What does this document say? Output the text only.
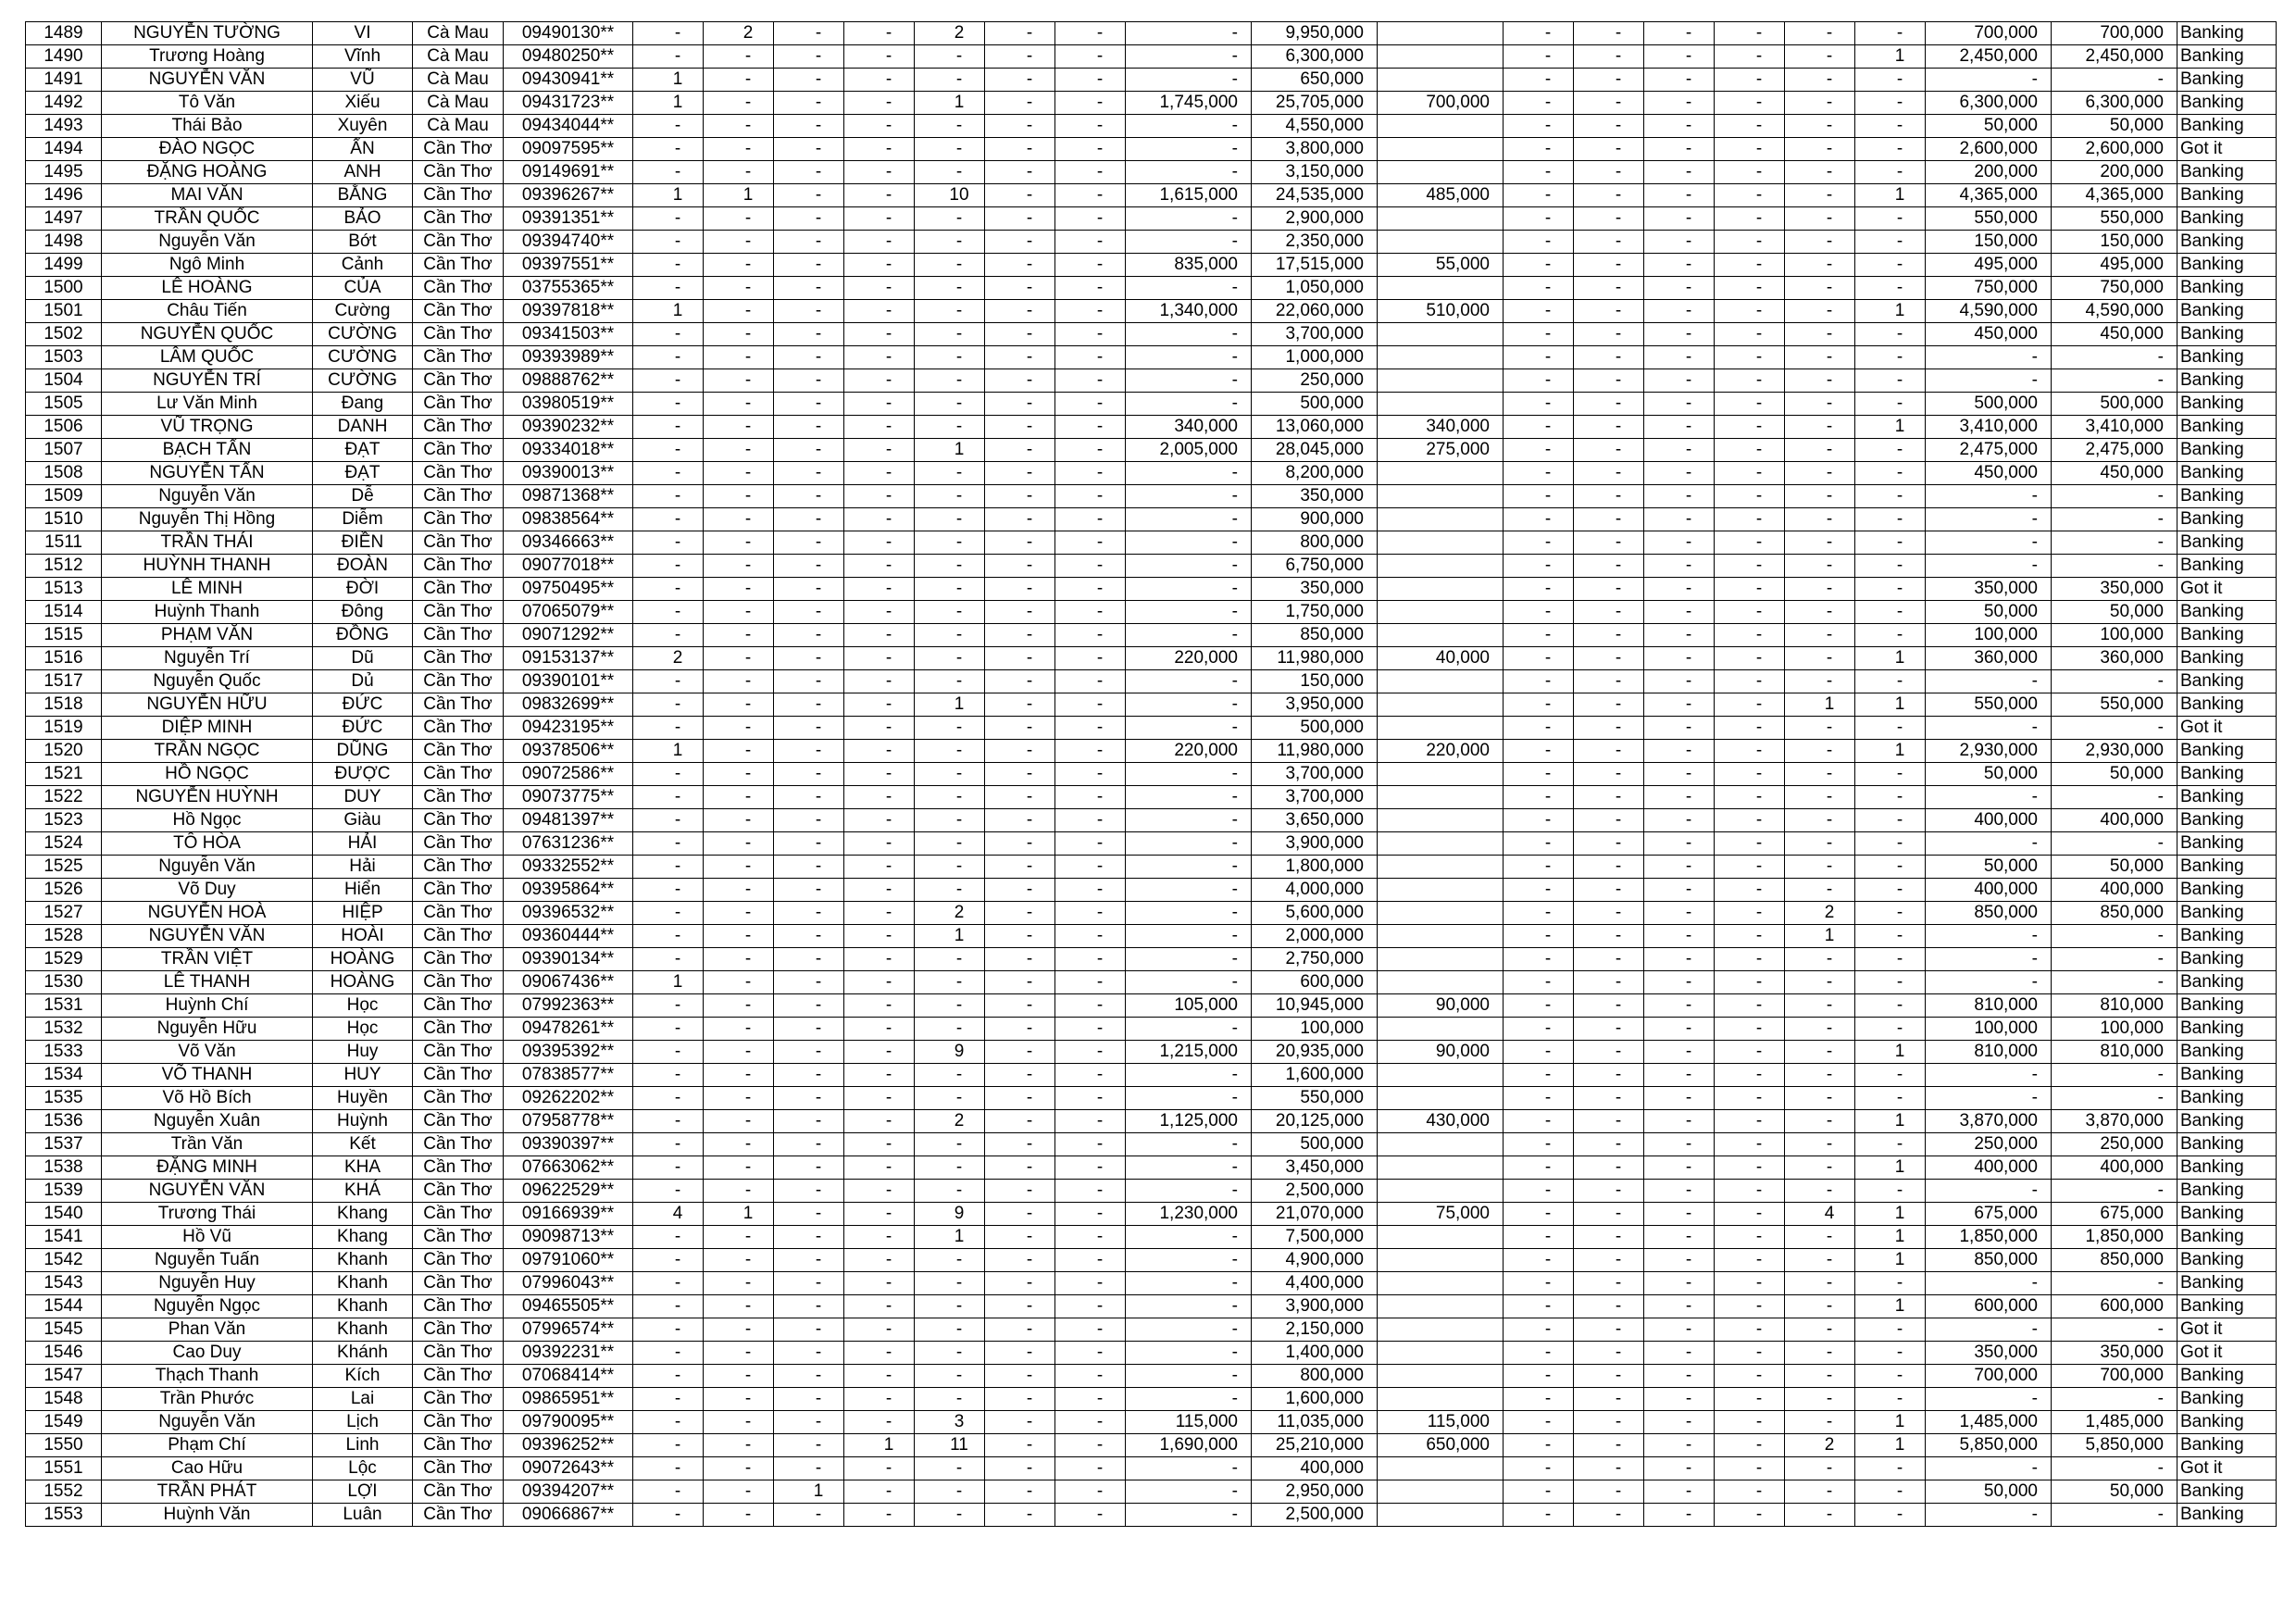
1489	NGUYỄN TƯỜNG	VI	Cà Mau	09490130**	-	2	-	-	2	-	-	-	9,950,000		-	-	-	-	-	-	700,000	700,000	Banking
1490	Trương Hoàng	Vĩnh	Cà Mau	09480250**	-	-	-	-	-	-	-	-	6,300,000		-	-	-	-	-	1	2,450,000	2,450,000	Banking
1491	NGUYỄN VĂN	VŨ	Cà Mau	09430941**	1	-	-	-	-	-	-	-	650,000		-	-	-	-	-	-	-	-	Banking
1492	Tô Văn	Xiếu	Cà Mau	09431723**	1	-	-	-	1	-	-	1,745,000	25,705,000	700,000	-	-	-	-	-	-	6,300,000	6,300,000	Banking
1493	Thái Bảo	Xuyên	Cà Mau	09434044**	-	-	-	-	-	-	-	-	4,550,000		-	-	-	-	-	-	50,000	50,000	Banking
1494	ĐÀO NGỌC	ẨN	Cần Thơ	09097595**	-	-	-	-	-	-	-	-	3,800,000		-	-	-	-	-	-	2,600,000	2,600,000	Got it
1495	ĐẶNG HOÀNG	ANH	Cần Thơ	09149691**	-	-	-	-	-	-	-	-	3,150,000		-	-	-	-	-	-	200,000	200,000	Banking
1496	MAI VĂN	BẰNG	Cần Thơ	09396267**	1	1	-	-	10	-	-	1,615,000	24,535,000	485,000	-	-	-	-	-	1	4,365,000	4,365,000	Banking
1497	TRẦN QUỐC	BẢO	Cần Thơ	09391351**	-	-	-	-	-	-	-	-	2,900,000		-	-	-	-	-	-	550,000	550,000	Banking
1498	Nguyễn Văn	Bớt	Cần Thơ	09394740**	-	-	-	-	-	-	-	-	2,350,000		-	-	-	-	-	-	150,000	150,000	Banking
1499	Ngô Minh	Cảnh	Cần Thơ	09397551**	-	-	-	-	-	-	-	835,000	17,515,000	55,000	-	-	-	-	-	-	495,000	495,000	Banking
1500	LÊ HOÀNG	CỦA	Cần Thơ	03755365**	-	-	-	-	-	-	-	-	1,050,000		-	-	-	-	-	-	750,000	750,000	Banking
1501	Châu Tiến	Cường	Cần Thơ	09397818**	1	-	-	-	-	-	-	1,340,000	22,060,000	510,000	-	-	-	-	-	1	4,590,000	4,590,000	Banking
1502	NGUYỄN QUỐC	CƯỜNG	Cần Thơ	09341503**	-	-	-	-	-	-	-	-	3,700,000		-	-	-	-	-	-	450,000	450,000	Banking
1503	LÂM QUỐC	CƯỜNG	Cần Thơ	09393989**	-	-	-	-	-	-	-	-	1,000,000		-	-	-	-	-	-	-	-	Banking
1504	NGUYỄN TRÍ	CƯỜNG	Cần Thơ	09888762**	-	-	-	-	-	-	-	-	250,000		-	-	-	-	-	-	-	-	Banking
1505	Lư Văn Minh	Đang	Cần Thơ	03980519**	-	-	-	-	-	-	-	-	500,000		-	-	-	-	-	-	500,000	500,000	Banking
1506	VŨ TRỌNG	DANH	Cần Thơ	09390232**	-	-	-	-	-	-	-	340,000	13,060,000	340,000	-	-	-	-	-	1	3,410,000	3,410,000	Banking
1507	BẠCH TẤN	ĐẠT	Cần Thơ	09334018**	-	-	-	-	1	-	-	2,005,000	28,045,000	275,000	-	-	-	-	-	-	2,475,000	2,475,000	Banking
1508	NGUYỄN TẤN	ĐẠT	Cần Thơ	09390013**	-	-	-	-	-	-	-	-	8,200,000		-	-	-	-	-	-	450,000	450,000	Banking
1509	Nguyễn Văn	Dễ	Cần Thơ	09871368**	-	-	-	-	-	-	-	-	350,000		-	-	-	-	-	-	-	-	Banking
1510	Nguyễn Thị Hồng	Diễm	Cần Thơ	09838564**	-	-	-	-	-	-	-	-	900,000		-	-	-	-	-	-	-	-	Banking
1511	TRẦN THÁI	ĐIỀN	Cần Thơ	09346663**	-	-	-	-	-	-	-	-	800,000		-	-	-	-	-	-	-	-	Banking
1512	HUỲNH THANH	ĐOÀN	Cần Thơ	09077018**	-	-	-	-	-	-	-	-	6,750,000		-	-	-	-	-	-	-	-	Banking
1513	LÊ MINH	ĐỜI	Cần Thơ	09750495**	-	-	-	-	-	-	-	-	350,000		-	-	-	-	-	-	350,000	350,000	Got it
1514	Huỳnh Thanh	Đông	Cần Thơ	07065079**	-	-	-	-	-	-	-	-	1,750,000		-	-	-	-	-	-	50,000	50,000	Banking
1515	PHẠM VĂN	ĐỒNG	Cần Thơ	09071292**	-	-	-	-	-	-	-	-	850,000		-	-	-	-	-	-	100,000	100,000	Banking
1516	Nguyễn Trí	Dũ	Cần Thơ	09153137**	2	-	-	-	-	-	-	220,000	11,980,000	40,000	-	-	-	-	-	1	360,000	360,000	Banking
1517	Nguyễn Quốc	Dủ	Cần Thơ	09390101**	-	-	-	-	-	-	-	-	150,000		-	-	-	-	-	-	-	-	Banking
1518	NGUYỄN HỮU	ĐỨC	Cần Thơ	09832699**	-	-	-	-	1	-	-	-	3,950,000		-	-	-	-	1	1	550,000	550,000	Banking
1519	DIỆP MINH	ĐỨC	Cần Thơ	09423195**	-	-	-	-	-	-	-	-	500,000		-	-	-	-	-	-	-	-	Got it
1520	TRẦN NGỌC	DŨNG	Cần Thơ	09378506**	1	-	-	-	-	-	-	220,000	11,980,000	220,000	-	-	-	-	-	1	2,930,000	2,930,000	Banking
1521	HỒ NGỌC	ĐƯỢC	Cần Thơ	09072586**	-	-	-	-	-	-	-	-	3,700,000		-	-	-	-	-	-	50,000	50,000	Banking
1522	NGUYỄN HUỲNH	DUY	Cần Thơ	09073775**	-	-	-	-	-	-	-	-	3,700,000		-	-	-	-	-	-	-	-	Banking
1523	Hồ Ngọc	Giàu	Cần Thơ	09481397**	-	-	-	-	-	-	-	-	3,650,000		-	-	-	-	-	-	400,000	400,000	Banking
1524	TÔ HÒA	HẢI	Cần Thơ	07631236**	-	-	-	-	-	-	-	-	3,900,000		-	-	-	-	-	-	-	-	Banking
1525	Nguyễn Văn	Hải	Cần Thơ	09332552**	-	-	-	-	-	-	-	-	1,800,000		-	-	-	-	-	-	50,000	50,000	Banking
1526	Võ Duy	Hiển	Cần Thơ	09395864**	-	-	-	-	-	-	-	-	4,000,000		-	-	-	-	-	-	400,000	400,000	Banking
1527	NGUYỄN HOÀ	HIỆP	Cần Thơ	09396532**	-	-	-	-	2	-	-	-	5,600,000		-	-	-	-	2	-	850,000	850,000	Banking
1528	NGUYỄN VĂN	HOÀI	Cần Thơ	09360444**	-	-	-	-	1	-	-	-	2,000,000		-	-	-	-	1	-	-	-	Banking
1529	TRẦN VIỆT	HOÀNG	Cần Thơ	09390134**	-	-	-	-	-	-	-	-	2,750,000		-	-	-	-	-	-	-	-	Banking
1530	LÊ THANH	HOÀNG	Cần Thơ	09067436**	1	-	-	-	-	-	-	-	600,000		-	-	-	-	-	-	-	-	Banking
1531	Huỳnh Chí	Học	Cần Thơ	07992363**	-	-	-	-	-	-	-	105,000	10,945,000	90,000	-	-	-	-	-	-	810,000	810,000	Banking
1532	Nguyễn Hữu	Học	Cần Thơ	09478261**	-	-	-	-	-	-	-	-	100,000		-	-	-	-	-	-	100,000	100,000	Banking
1533	Võ Văn	Huy	Cần Thơ	09395392**	-	-	-	-	9	-	-	1,215,000	20,935,000	90,000	-	-	-	-	-	1	810,000	810,000	Banking
1534	VÕ THANH	HUY	Cần Thơ	07838577**	-	-	-	-	-	-	-	-	1,600,000		-	-	-	-	-	-	-	-	Banking
1535	Võ Hồ Bích	Huyền	Cần Thơ	09262202**	-	-	-	-	-	-	-	-	550,000		-	-	-	-	-	-	-	-	Banking
1536	Nguyễn Xuân	Huỳnh	Cần Thơ	07958778**	-	-	-	-	2	-	-	1,125,000	20,125,000	430,000	-	-	-	-	-	1	3,870,000	3,870,000	Banking
1537	Trần Văn	Kết	Cần Thơ	09390397**	-	-	-	-	-	-	-	-	500,000		-	-	-	-	-	-	250,000	250,000	Banking
1538	ĐẶNG MINH	KHA	Cần Thơ	07663062**	-	-	-	-	-	-	-	-	3,450,000		-	-	-	-	-	1	400,000	400,000	Banking
1539	NGUYỄN VĂN	KHÁ	Cần Thơ	09622529**	-	-	-	-	-	-	-	-	2,500,000		-	-	-	-	-	-	-	-	Banking
1540	Trương Thái	Khang	Cần Thơ	09166939**	4	1	-	-	9	-	-	1,230,000	21,070,000	75,000	-	-	-	-	4	1	675,000	675,000	Banking
1541	Hồ Vũ	Khang	Cần Thơ	09098713**	-	-	-	-	1	-	-	-	7,500,000		-	-	-	-	-	1	1,850,000	1,850,000	Banking
1542	Nguyễn Tuấn	Khanh	Cần Thơ	09791060**	-	-	-	-	-	-	-	-	4,900,000		-	-	-	-	-	1	850,000	850,000	Banking
1543	Nguyễn Huy	Khanh	Cần Thơ	07996043**	-	-	-	-	-	-	-	-	4,400,000		-	-	-	-	-	-	-	-	Banking
1544	Nguyễn Ngọc	Khanh	Cần Thơ	09465505**	-	-	-	-	-	-	-	-	3,900,000		-	-	-	-	-	1	600,000	600,000	Banking
1545	Phan Văn	Khanh	Cần Thơ	07996574**	-	-	-	-	-	-	-	-	2,150,000		-	-	-	-	-	-	-	-	Got it
1546	Cao Duy	Khánh	Cần Thơ	09392231**	-	-	-	-	-	-	-	-	1,400,000		-	-	-	-	-	-	350,000	350,000	Got it
1547	Thạch Thanh	Kích	Cần Thơ	07068414**	-	-	-	-	-	-	-	-	800,000		-	-	-	-	-	-	700,000	700,000	Banking
1548	Trần Phước	Lai	Cần Thơ	09865951**	-	-	-	-	-	-	-	-	1,600,000		-	-	-	-	-	-	-	-	Banking
1549	Nguyễn Văn	Lịch	Cần Thơ	09790095**	-	-	-	-	3	-	-	115,000	11,035,000	115,000	-	-	-	-	-	1	1,485,000	1,485,000	Banking
1550	Phạm Chí	Linh	Cần Thơ	09396252**	-	-	-	1	11	-	-	1,690,000	25,210,000	650,000	-	-	-	-	2	1	5,850,000	5,850,000	Banking
1551	Cao Hữu	Lộc	Cần Thơ	09072643**	-	-	-	-	-	-	-	-	400,000		-	-	-	-	-	-	-	-	Got it
1552	TRẦN PHÁT	LỢI	Cần Thơ	09394207**	-	-	1	-	-	-	-	-	2,950,000		-	-	-	-	-	-	50,000	50,000	Banking
1553	Huỳnh Văn	Luân	Cần Thơ	09066867**	-	-	-	-	-	-	-	-	2,500,000		-	-	-	-	-	-	-	-	Banking
